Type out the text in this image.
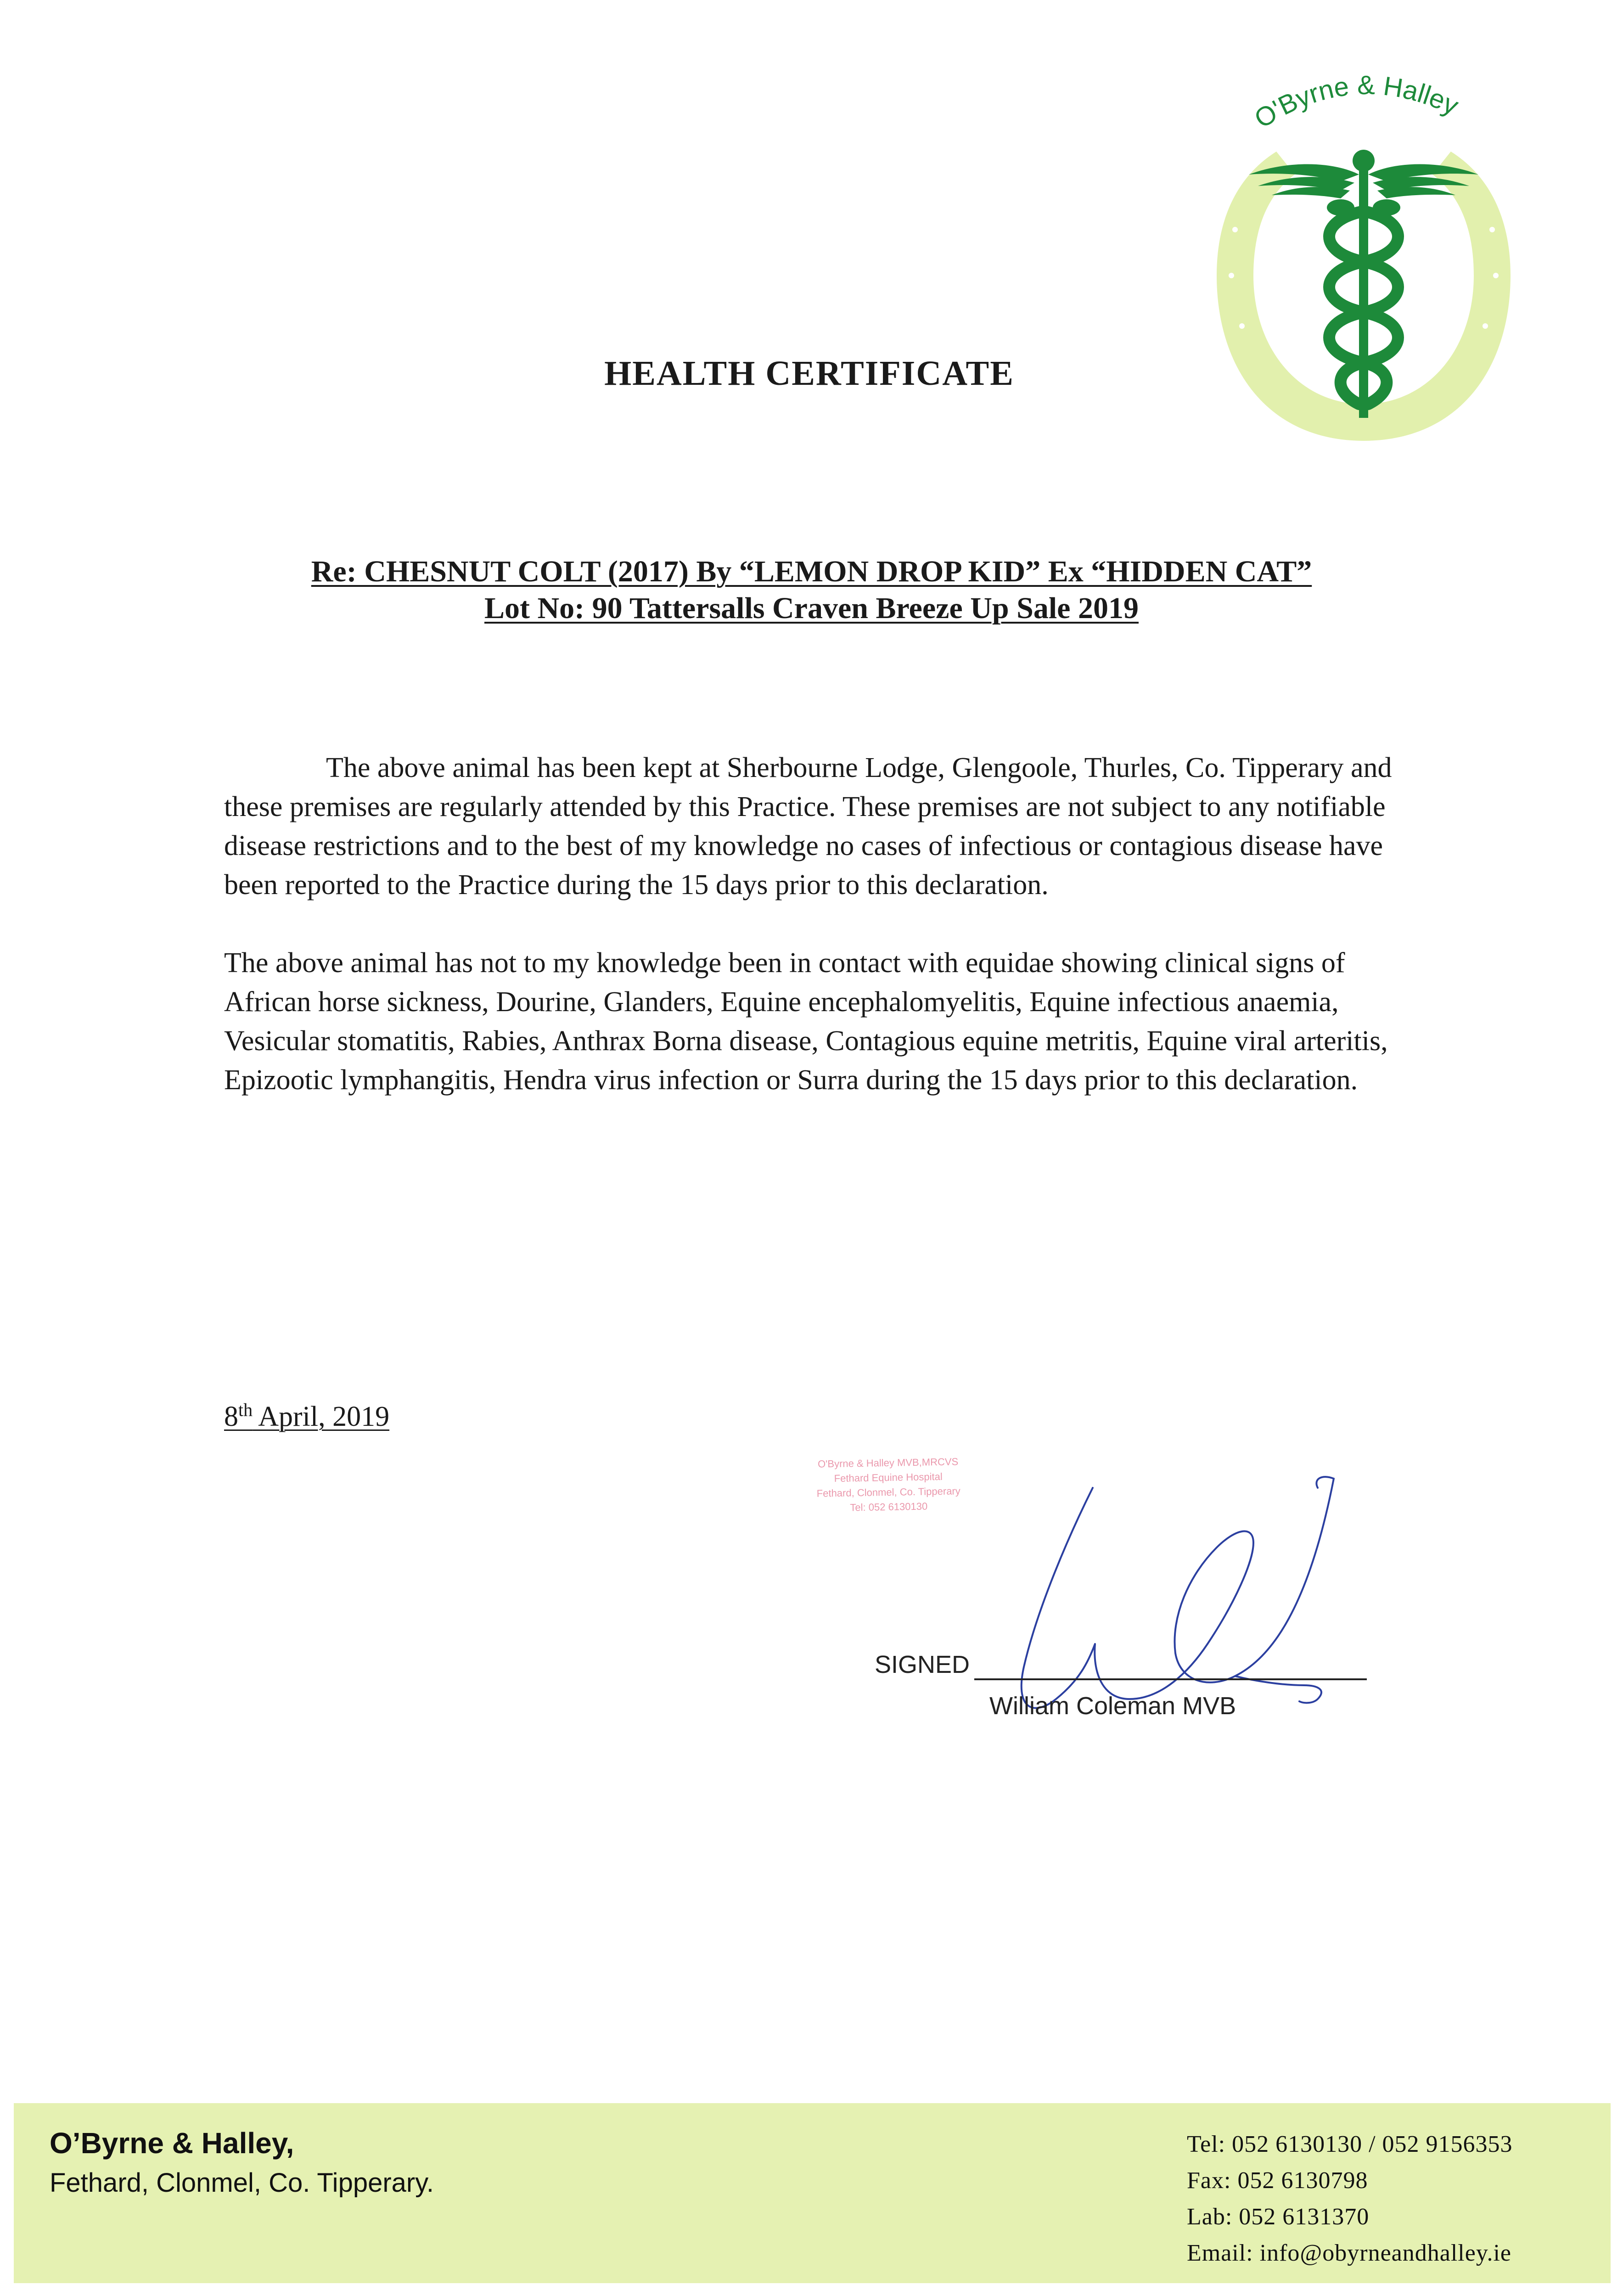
O'Byrne & Halley
HEALTH CERTIFICATE
Re: CHESNUT COLT (2017) By “LEMON DROP KID” Ex “HIDDEN CAT”
Lot No: 90 Tattersalls Craven Breeze Up Sale 2019

The above animal has been kept at Sherbourne Lodge, Glengoole, Thurles, Co. Tipperary and these premises are regularly attended by this Practice. These premises are not subject to any notifiable disease restrictions and to the best of my knowledge no cases of infectious or contagious disease have been reported to the Practice during the 15 days prior to this declaration.

The above animal has not to my knowledge been in contact with equidae showing clinical signs of African horse sickness, Dourine, Glanders, Equine encephalomyelitis, Equine infectious anaemia, Vesicular stomatitis, Rabies, Anthrax Borna disease, Contagious equine metritis, Equine viral arteritis, Epizootic lymphangitis, Hendra virus infection or Surra during the 15 days prior to this declaration.

8th April, 2019
O'Byrne & Halley MVB,MRCVS
Fethard Equine Hospital
Fethard, Clonmel, Co. Tipperary
Tel: 052 6130130
SIGNED
William Coleman MVB
O’Byrne & Halley,
Fethard, Clonmel, Co. Tipperary.
Tel: 052 6130130 / 052 9156353
Fax: 052 6130798
Lab: 052 6131370
Email: info@obyrneandhalley.ie
